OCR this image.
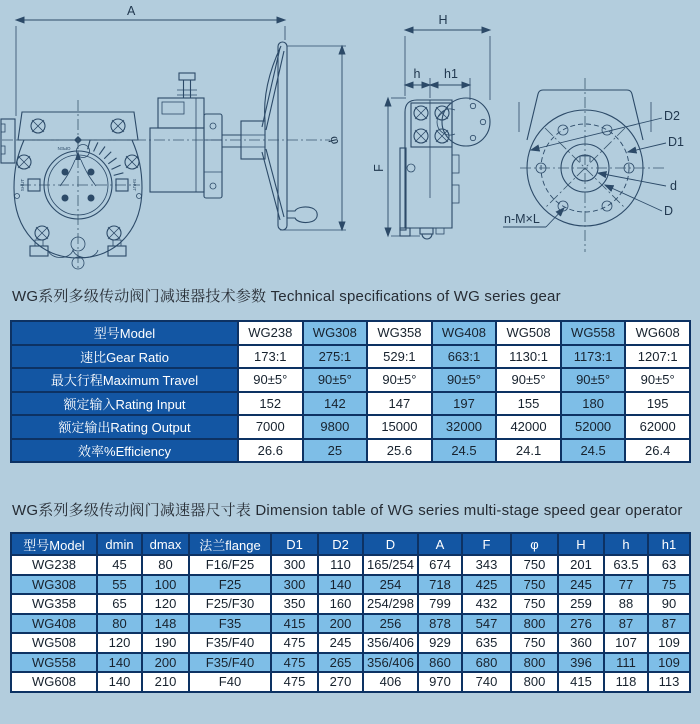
A
OPEN
SHUT	SHUT
φ
H
h h1
F
D2
D1
d
D
n-M×L
WG系列多级传动阀门减速器技术参数 Technical specifications of WG series gear
型号Model	WG238	WG308	WG358	WG408	WG508	WG558	WG608
速比Gear Ratio	173:1	275:1	529:1	663:1	1130:1	1173:1	1207:1
最大行程Maximum Travel	90±5°	90±5°	90±5°	90±5°	90±5°	90±5°	90±5°
额定输入Rating Input	152	142	147	197	155	180	195
额定输出Rating Output	7000	9800	15000	32000	42000	52000	62000
效率%Efficiency	26.6	25	25.6	24.5	24.1	24.5	26.4
WG系列多级传动阀门减速器尺寸表 Dimension table of WG series multi-stage speed gear operator
型号Model	dmin	dmax	法兰flange	D1	D2	D	A	F	φ	H	h	h1
WG238	45	80	F16/F25	300	110	165/254	674	343	750	201	63.5	63
WG308	55	100	F25	300	140	254	718	425	750	245	77	75
WG358	65	120	F25/F30	350	160	254/298	799	432	750	259	88	90
WG408	80	148	F35	415	200	256	878	547	800	276	87	87
WG508	120	190	F35/F40	475	245	356/406	929	635	750	360	107	109
WG558	140	200	F35/F40	475	265	356/406	860	680	800	396	111	109
WG608	140	210	F40	475	270	406	970	740	800	415	118	113
